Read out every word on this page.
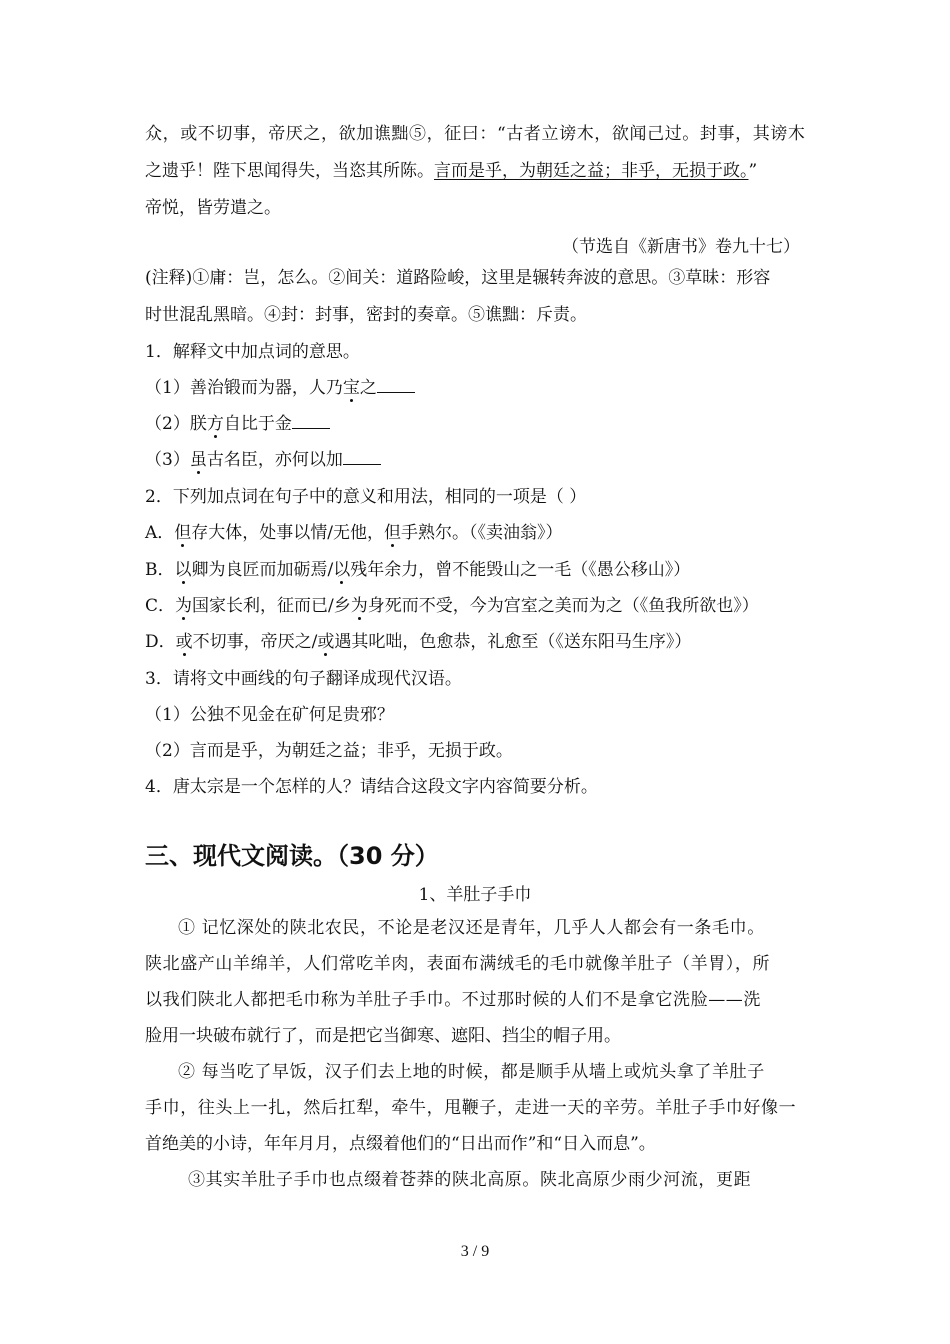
众，或不切事，帝厌之，欲加谯黜⑤，征曰：“古者立谤木，欲闻己过。封事，其谤木
之遗乎！陛下思闻得失，当恣其所陈。言而是乎，为朝廷之益；非乎，无损于政。”
帝悦，皆劳遣之。
（节选自《新唐书》卷九十七）
(注释)①庸：岂，怎么。②间关：道路险峻，这里是辗转奔波的意思。③草昧：形容
时世混乱黑暗。④封：封事，密封的奏章。⑤谯黜：斥责。
1．解释文中加点词的意思。
（1）善治锻而为器，人乃宝之
（2）朕方自比于金
（3）虽古名臣，亦何以加
2．下列加点词在句子中的意义和用法，相同的一项是（ ）
A．但存大体，处事以情/无他，但手熟尔。（《卖油翁》）
B．以卿为良匠而加砺焉/以残年余力，曾不能毁山之一毛（《愚公移山》）
C．为国家长利，征而已/乡为身死而不受，今为宫室之美而为之（《鱼我所欲也》）
D．或不切事，帝厌之/或遇其叱咄，色愈恭，礼愈至（《送东阳马生序》）
3．请将文中画线的句子翻译成现代汉语。
（1）公独不见金在矿何足贵邪？
（2）言而是乎，为朝廷之益；非乎，无损于政。
4．唐太宗是一个怎样的人？请结合这段文字内容简要分析。
三、现代文阅读。（30 分）
1、羊肚子手巾
① 记忆深处的陕北农民，不论是老汉还是青年，几乎人人都会有一条毛巾。
陕北盛产山羊绵羊，人们常吃羊肉，表面布满绒毛的毛巾就像羊肚子（羊胃），所
以我们陕北人都把毛巾称为羊肚子手巾。不过那时候的人们不是拿它洗脸——洗
脸用一块破布就行了，而是把它当御寒、遮阳、挡尘的帽子用。
② 每当吃了早饭，汉子们去上地的时候，都是顺手从墙上或炕头拿了羊肚子
手巾，往头上一扎，然后扛犁，牵牛，甩鞭子，走进一天的辛劳。羊肚子手巾好像一
首绝美的小诗，年年月月，点缀着他们的“日出而作”和“日入而息”。
③其实羊肚子手巾也点缀着苍莽的陕北高原。陕北高原少雨少河流，更距
3 / 9
